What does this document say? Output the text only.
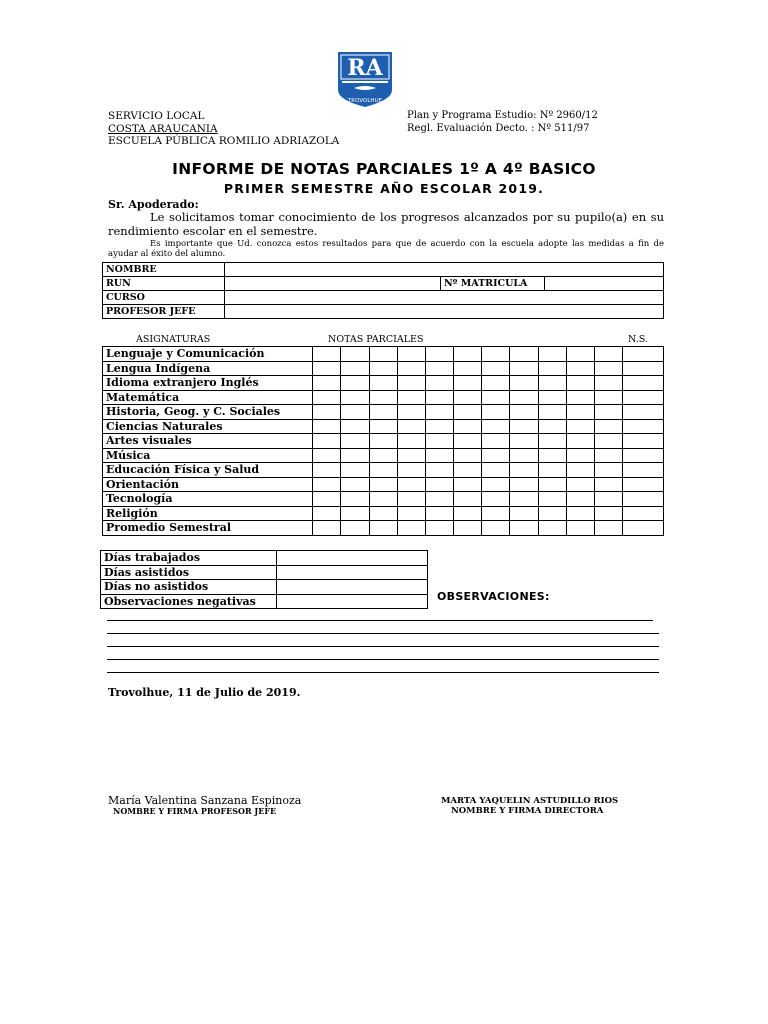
RA
TROVOLHUE
SERVICIO LOCAL
COSTA ARAUCANIA
ESCUELA PÚBLICA ROMILIO ADRIAZOLA
Plan y Programa Estudio: Nº 2960/12
Regl. Evaluación Decto. : Nº 511/97
INFORME DE NOTAS PARCIALES 1º A 4º BASICO
PRIMER SEMESTRE AÑO ESCOLAR 2019.
Sr. Apoderado:
Le solicitamos tomar conocimiento de los progresos alcanzados por su pupilo(a) en su rendimiento escolar en el semestre.
Es importante que Ud. conozca estos resultados para que de acuerdo con la escuela adopte las medidas a fin de ayudar al éxito del alumno.
NOMBRE			
RUN		Nº MATRICULA	
CURSO			
PROFESOR JEFE			
ASIGNATURAS	NOTAS PARCIALES	N.S.
Lenguaje y Comunicación												
Lengua Indígena												
Idioma extranjero Inglés												
Matemática												
Historia, Geog. y C. Sociales												
Ciencias Naturales												
Artes visuales												
Música												
Educación Física y Salud												
Orientación												
Tecnología												
Religión												
Promedio Semestral												
Días trabajados	
Días asistidos	
Días no asistidos	
Observaciones negativas		OBSERVACIONES:
Trovolhue, 11 de Julio de 2019.
María Valentina Sanzana Espinoza
NOMBRE Y FIRMA PROFESOR JEFE
MARTA YAQUELIN ASTUDILLO RIOS
NOMBRE Y FIRMA DIRECTORA
